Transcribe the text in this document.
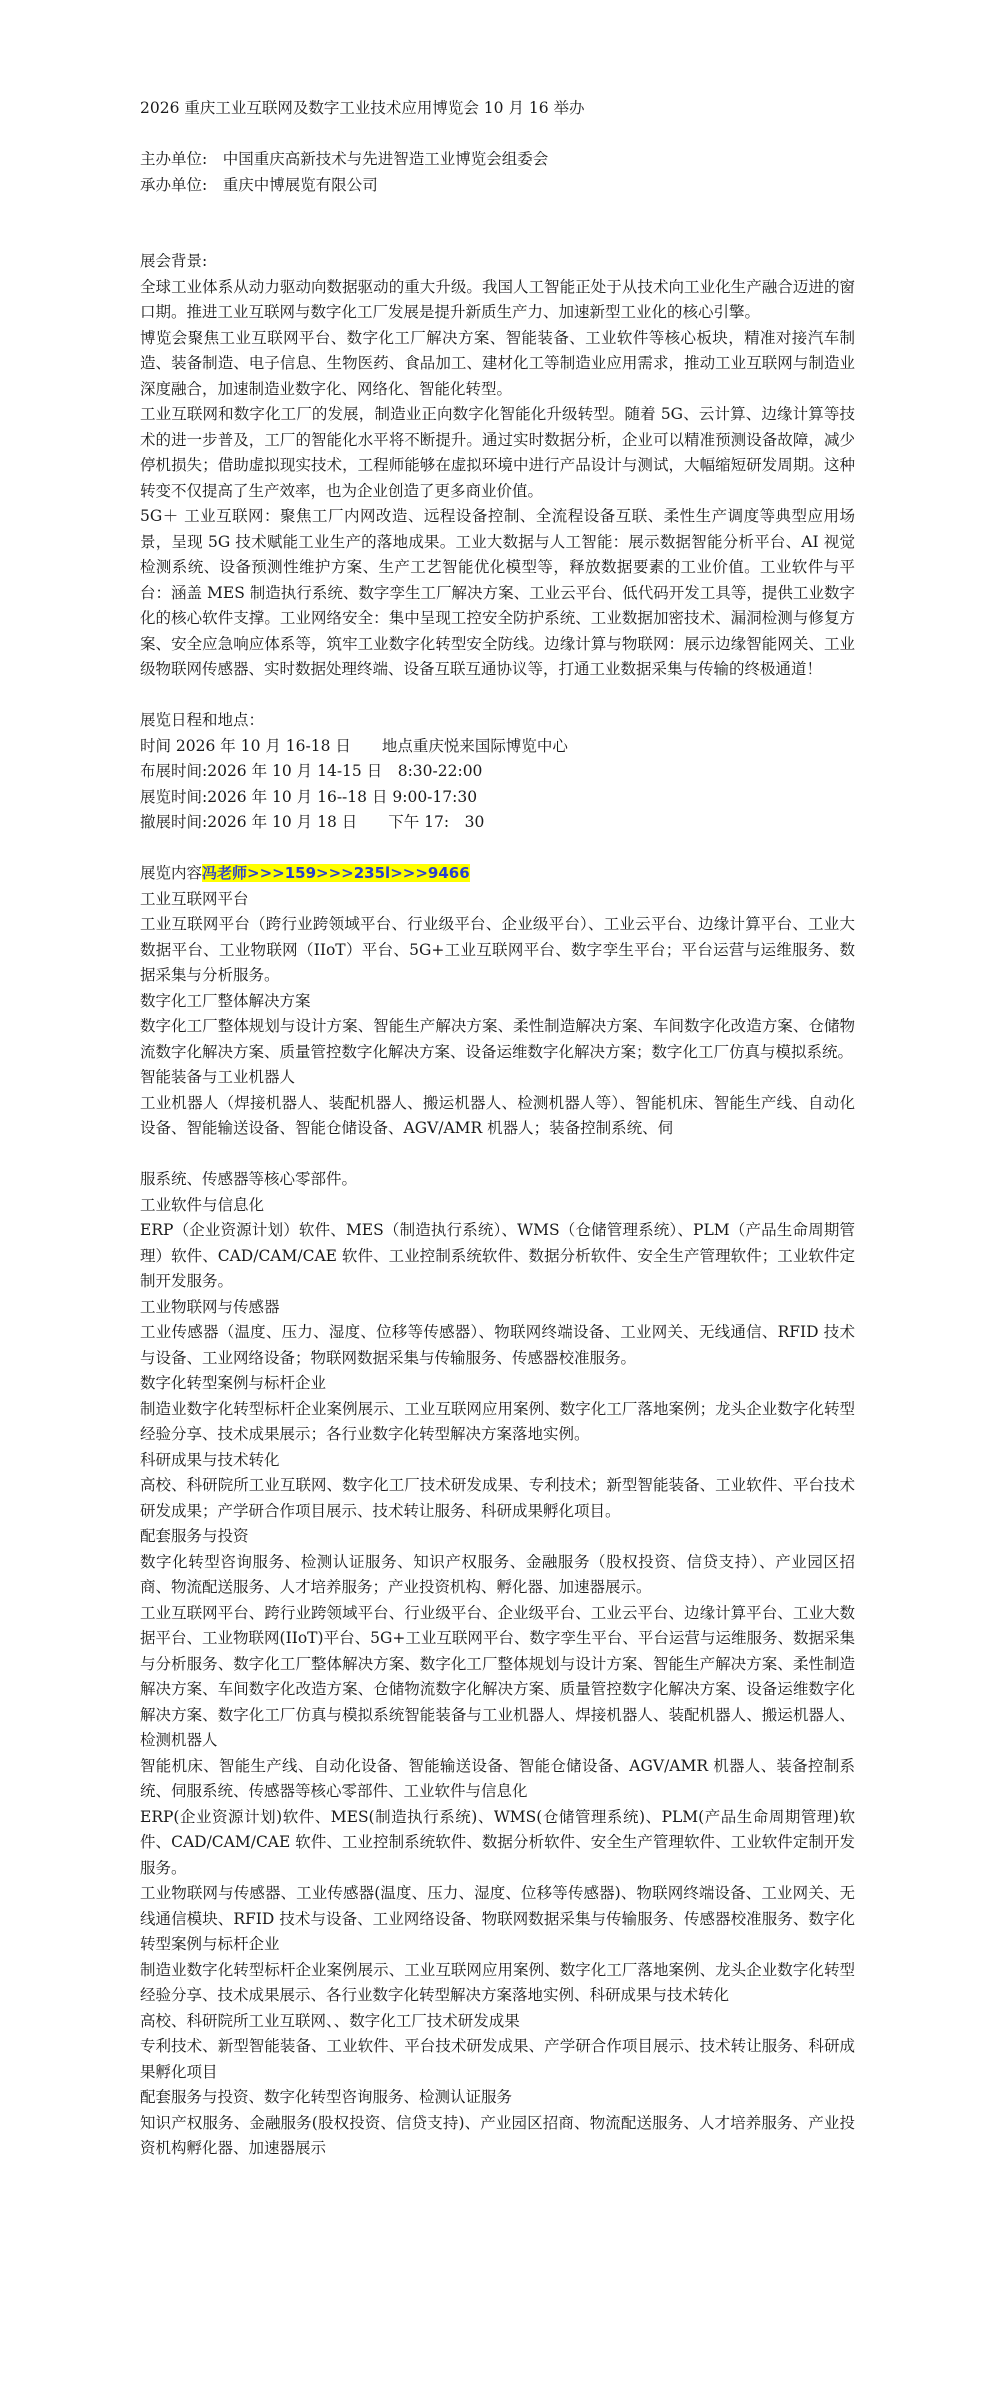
2026 重庆工业互联网及数字工业技术应用博览会 10 月 16 举办
主办单位:　中国重庆高新技术与先进智造工业博览会组委会
承办单位:　重庆中博展览有限公司
展会背景:
全球工业体系从动力驱动向数据驱动的重大升级。我国人工智能正处于从技术向工业化生产融合迈进的窗口期。推进工业互联网与数字化工厂发展是提升新质生产力、加速新型工业化的核心引擎。
博览会聚焦工业互联网平台、数字化工厂解决方案、智能装备、工业软件等核心板块，精准对接汽车制造、装备制造、电子信息、生物医药、食品加工、建材化工等制造业应用需求，推动工业互联网与制造业深度融合，加速制造业数字化、网络化、智能化转型。
工业互联网和数字化工厂的发展，制造业正向数字化智能化升级转型。随着 5G、云计算、边缘计算等技术的进一步普及，工厂的智能化水平将不断提升。通过实时数据分析，企业可以精准预测设备故障，减少停机损失；借助虚拟现实技术，工程师能够在虚拟环境中进行产品设计与测试，大幅缩短研发周期。这种转变不仅提高了生产效率，也为企业创造了更多商业价值。
5G＋ 工业互联网：聚焦工厂内网改造、远程设备控制、全流程设备互联、柔性生产调度等典型应用场景，呈现 5G 技术赋能工业生产的落地成果。工业大数据与人工智能：展示数据智能分析平台、AI 视觉检测系统、设备预测性维护方案、生产工艺智能优化模型等，释放数据要素的工业价值。工业软件与平台：涵盖 MES 制造执行系统、数字孪生工厂解决方案、工业云平台、低代码开发工具等，提供工业数字化的核心软件支撑。工业网络安全：集中呈现工控安全防护系统、工业数据加密技术、漏洞检测与修复方案、安全应急响应体系等，筑牢工业数字化转型安全防线。边缘计算与物联网：展示边缘智能网关、工业级物联网传感器、实时数据处理终端、设备互联互通协议等，打通工业数据采集与传输的终极通道！
展览日程和地点：
时间 2026 年 10 月 16-18 日　　地点重庆悦来国际博览中心
布展时间:2026 年 10 月 14-15 日　8:30-22:00
展览时间:2026 年 10 月 16--18 日 9:00-17:30
撤展时间:2026 年 10 月 18 日　　下午 17:　30
展览内容冯老师>>>159>>>235l>>>9466
工业互联网平台
工业互联网平台（跨行业跨领域平台、行业级平台、企业级平台）、工业云平台、边缘计算平台、工业大数据平台、工业物联网（IIoT）平台、5G+工业互联网平台、数字孪生平台；平台运营与运维服务、数据采集与分析服务。
数字化工厂整体解决方案
数字化工厂整体规划与设计方案、智能生产解决方案、柔性制造解决方案、车间数字化改造方案、仓储物流数字化解决方案、质量管控数字化解决方案、设备运维数字化解决方案；数字化工厂仿真与模拟系统。
智能装备与工业机器人
工业机器人（焊接机器人、装配机器人、搬运机器人、检测机器人等）、智能机床、智能生产线、自动化设备、智能输送设备、智能仓储设备、AGV/AMR 机器人；装备控制系统、伺
服系统、传感器等核心零部件。
工业软件与信息化
ERP（企业资源计划）软件、MES（制造执行系统）、WMS（仓储管理系统）、PLM（产品生命周期管理）软件、CAD/CAM/CAE 软件、工业控制系统软件、数据分析软件、安全生产管理软件；工业软件定制开发服务。
工业物联网与传感器
工业传感器（温度、压力、湿度、位移等传感器）、物联网终端设备、工业网关、无线通信、RFID 技术与设备、工业网络设备；物联网数据采集与传输服务、传感器校准服务。
数字化转型案例与标杆企业
制造业数字化转型标杆企业案例展示、工业互联网应用案例、数字化工厂落地案例；龙头企业数字化转型经验分享、技术成果展示；各行业数字化转型解决方案落地实例。
科研成果与技术转化
高校、科研院所工业互联网、数字化工厂技术研发成果、专利技术；新型智能装备、工业软件、平台技术研发成果；产学研合作项目展示、技术转让服务、科研成果孵化项目。
配套服务与投资
数字化转型咨询服务、检测认证服务、知识产权服务、金融服务（股权投资、信贷支持）、产业园区招商、物流配送服务、人才培养服务；产业投资机构、孵化器、加速器展示。
工业互联网平台、跨行业跨领域平台、行业级平台、企业级平台、工业云平台、边缘计算平台、工业大数据平台、工业物联网(IIoT)平台、5G+工业互联网平台、数字孪生平台、平台运营与运维服务、数据采集与分析服务、数字化工厂整体解决方案、数字化工厂整体规划与设计方案、智能生产解决方案、柔性制造解决方案、车间数字化改造方案、仓储物流数字化解决方案、质量管控数字化解决方案、设备运维数字化解决方案、数字化工厂仿真与模拟系统智能装备与工业机器人、焊接机器人、装配机器人、搬运机器人、检测机器人
智能机床、智能生产线、自动化设备、智能输送设备、智能仓储设备、AGV/AMR 机器人、装备控制系统、伺服系统、传感器等核心零部件、工业软件与信息化
ERP(企业资源计划)软件、MES(制造执行系统)、WMS(仓储管理系统)、PLM(产品生命周期管理)软件、CAD/CAM/CAE 软件、工业控制系统软件、数据分析软件、安全生产管理软件、工业软件定制开发服务。
工业物联网与传感器、工业传感器(温度、压力、湿度、位移等传感器)、物联网终端设备、工业网关、无线通信模块、RFID 技术与设备、工业网络设备、物联网数据采集与传输服务、传感器校准服务、数字化转型案例与标杆企业
制造业数字化转型标杆企业案例展示、工业互联网应用案例、数字化工厂落地案例、龙头企业数字化转型经验分享、技术成果展示、各行业数字化转型解决方案落地实例、科研成果与技术转化
高校、科研院所工业互联网、、数字化工厂技术研发成果
专利技术、新型智能装备、工业软件、平台技术研发成果、产学研合作项目展示、技术转让服务、科研成果孵化项目
配套服务与投资、数字化转型咨询服务、检测认证服务
知识产权服务、金融服务(股权投资、信贷支持)、产业园区招商、物流配送服务、人才培养服务、产业投资机构孵化器、加速器展示
